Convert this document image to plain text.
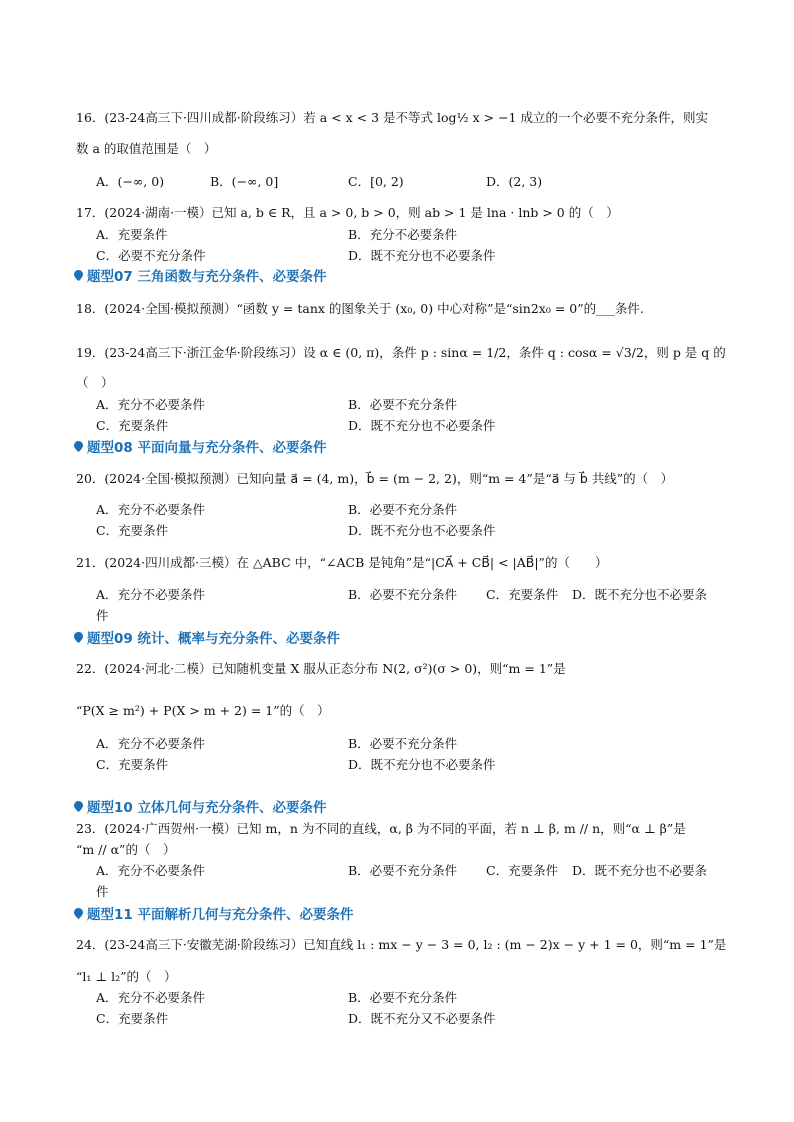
16．(23-24高三下·四川成都·阶段练习）若 a < x < 3 是不等式 log½ x > −1 成立的一个必要不充分条件，则实
数 a 的取值范围是（　）
A．(−∞, 0)	B．(−∞, 0]	C．[0, 2)	D．(2, 3)
17．(2024·湖南·一模）已知 a, b ∈ R，且 a > 0, b > 0，则 ab > 1 是 lna · lnb > 0 的（　）
A．充要条件	B．充分不必要条件
C．必要不充分条件	D．既不充分也不必要条件
题型07 三角函数与充分条件、必要条件
18．(2024·全国·模拟预测）“函数 y = tanx 的图象关于 (x₀, 0) 中心对称”是“sin2x₀ = 0”的___条件.
19．(23-24高三下·浙江金华·阶段练习）设 α ∈ (0, π)，条件 p : sinα = 1/2，条件 q : cosα = √3/2，则 p 是 q 的
（　）
A．充分不必要条件	B．必要不充分条件
C．充要条件	D．既不充分也不必要条件
题型08 平面向量与充分条件、必要条件
20．(2024·全国·模拟预测）已知向量 a⃗ = (4, m)，b⃗ = (m − 2, 2)，则“m = 4”是“a⃗ 与 b⃗ 共线”的（　）
A．充分不必要条件	B．必要不充分条件
C．充要条件	D．既不充分也不必要条件
21．(2024·四川成都·三模）在 △ABC 中，“∠ACB 是钝角”是“|CA⃗ + CB⃗| < |AB⃗|”的（　　）
A．充分不必要条件	B．必要不充分条件 C．充要条件 D．既不充分也不必要条
件
题型09 统计、概率与充分条件、必要条件
22．(2024·河北·二模）已知随机变量 X 服从正态分布 N(2, σ²)(σ > 0)，则“m = 1”是
“P(X ≥ m²) + P(X > m + 2) = 1”的（　）
A．充分不必要条件	B．必要不充分条件
C．充要条件	D．既不充分也不必要条件
题型10 立体几何与充分条件、必要条件
23．(2024·广西贺州·一模）已知 m，n 为不同的直线，α, β 为不同的平面，若 n ⊥ β, m // n，则“α ⊥ β”是
“m // α”的（　）
A．充分不必要条件	B．必要不充分条件 C．充要条件 D．既不充分也不必要条
件
题型11 平面解析几何与充分条件、必要条件
24．(23-24高三下·安徽芜湖·阶段练习）已知直线 l₁ : mx − y − 3 = 0, l₂ : (m − 2)x − y + 1 = 0，则“m = 1”是
“l₁ ⊥ l₂”的（　）
A．充分不必要条件	B．必要不充分条件
C．充要条件	D．既不充分又不必要条件
